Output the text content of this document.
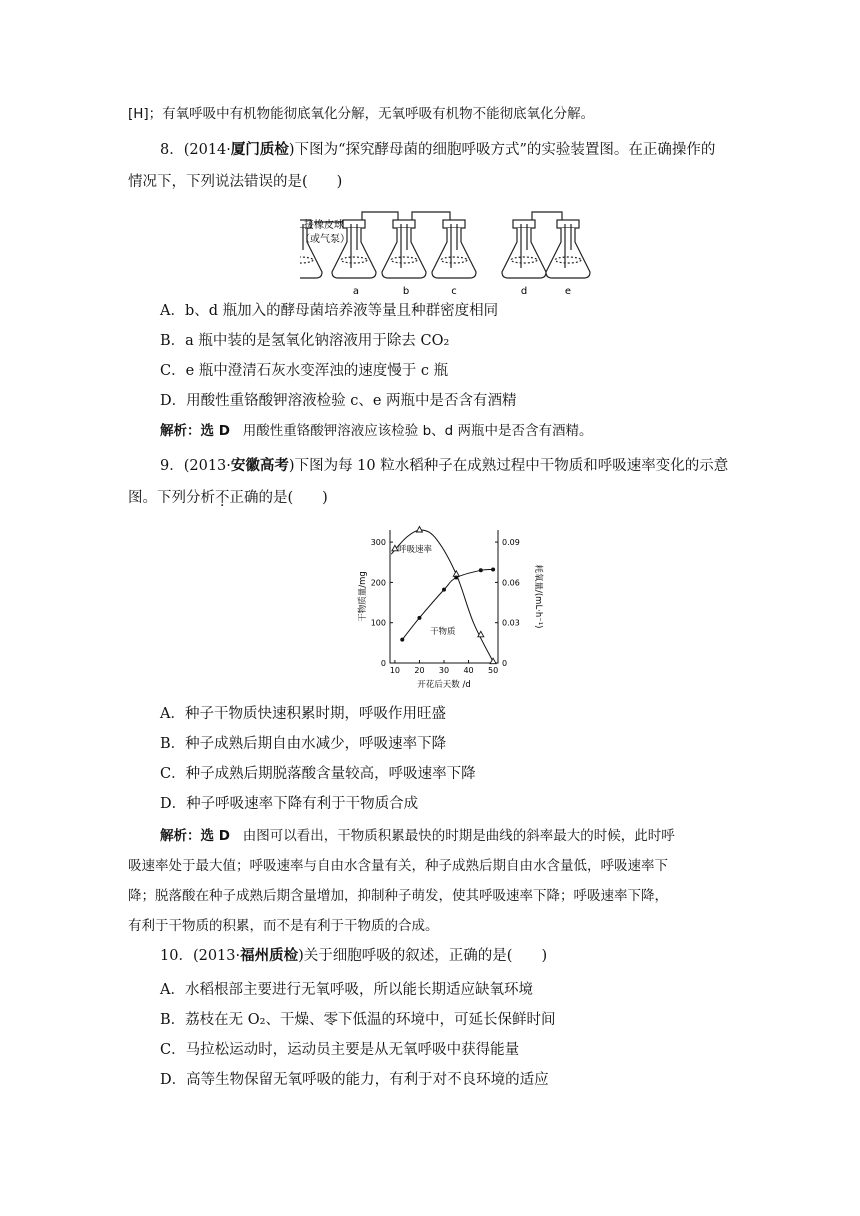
[H]；有氧呼吸中有机物能彻底氧化分解，无氧呼吸有机物不能彻底氧化分解。
8．(2014·厦门质检)下图为“探究酵母菌的细胞呼吸方式”的实验装置图。在正确操作的
情况下，下列说法错误的是(　　)
接橡皮球
（或气泵）
a	b	c	d	e
A．b、d 瓶加入的酵母菌培养液等量且种群密度相同
B．a 瓶中装的是氢氧化钠溶液用于除去 CO₂
C．e 瓶中澄清石灰水变浑浊的速度慢于 c 瓶
D．用酸性重铬酸钾溶液检验 c、e 两瓶中是否含有酒精
解析：选 D 用酸性重铬酸钾溶液应该检验 b、d 两瓶中是否含有酒精。
9．(2013·安徽高考)下图为每 10 粒水稻种子在成熟过程中干物质和呼吸速率变化的示意
图。下列分析不正确的是(　　)
10 20 30 40 50
0
100
200
300
0
0.03
0.06
0.09
开花后天数 /d
干物质量/mg	耗氧量/(mL·h⁻¹)
呼吸速率
干物质
A．种子干物质快速积累时期，呼吸作用旺盛
B．种子成熟后期自由水减少，呼吸速率下降
C．种子成熟后期脱落酸含量较高，呼吸速率下降
D．种子呼吸速率下降有利于干物质合成
解析：选 D 由图可以看出，干物质积累最快的时期是曲线的斜率最大的时候，此时呼
吸速率处于最大值；呼吸速率与自由水含量有关，种子成熟后期自由水含量低，呼吸速率下
降；脱落酸在种子成熟后期含量增加，抑制种子萌发，使其呼吸速率下降；呼吸速率下降，
有利于干物质的积累，而不是有利于干物质的合成。
10．(2013·福州质检)关于细胞呼吸的叙述，正确的是(　　)
A．水稻根部主要进行无氧呼吸，所以能长期适应缺氧环境
B．荔枝在无 O₂、干燥、零下低温的环境中，可延长保鲜时间
C．马拉松运动时，运动员主要是从无氧呼吸中获得能量
D．高等生物保留无氧呼吸的能力，有利于对不良环境的适应
